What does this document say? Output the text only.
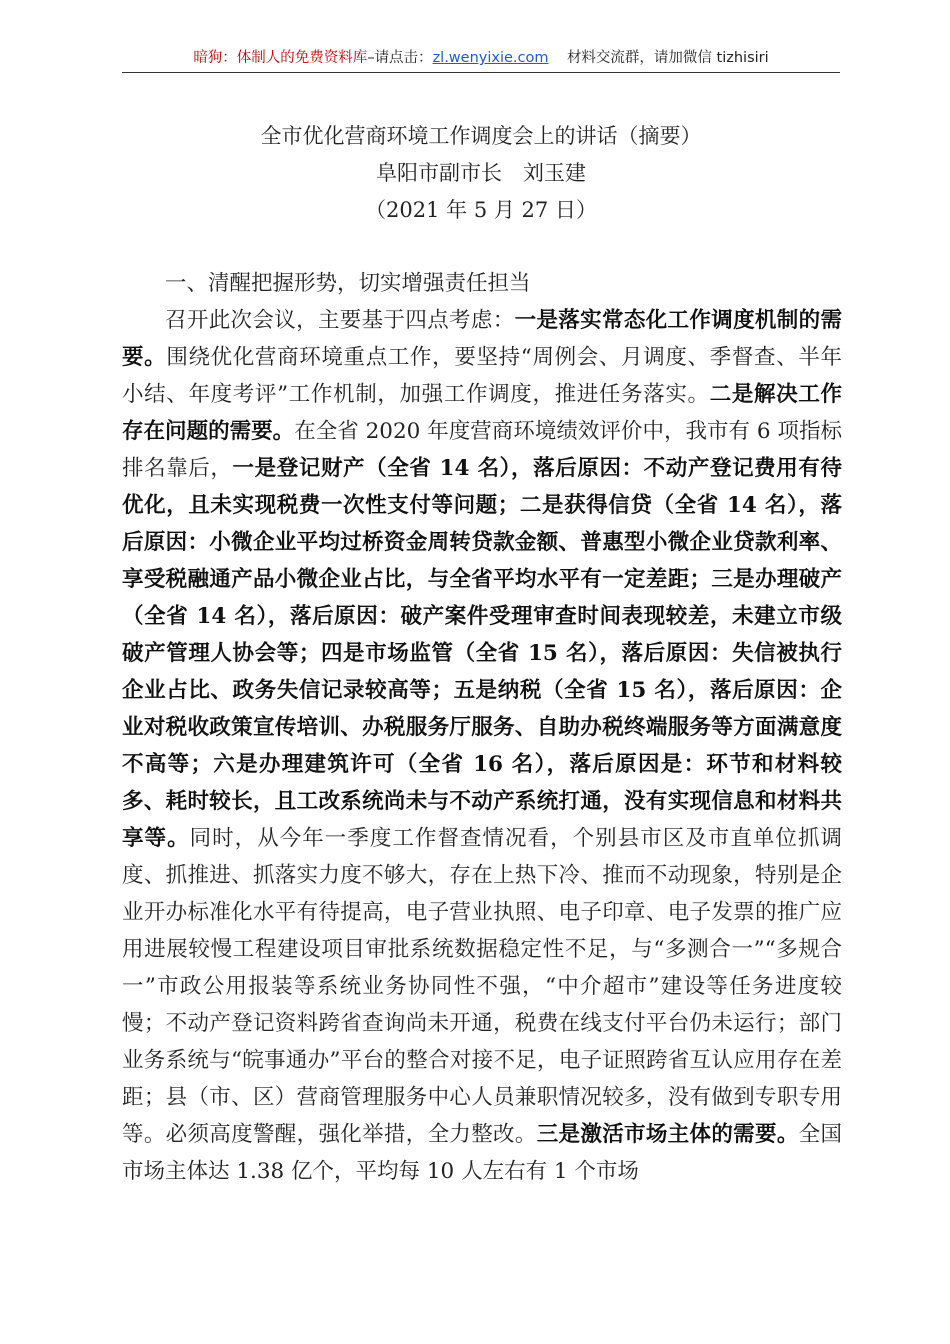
暗狗：体制人的免费资料库–请点击：zl.wenyixie.com 材料交流群，请加微信 tizhisiri
全市优化营商环境工作调度会上的讲话（摘要）
阜阳市副市长　刘玉建
（2021 年 5 月 27 日）

一、清醒把握形势，切实增强责任担当

召开此次会议，主要基于四点考虑：一是落实常态化工作调度机制的需要。围绕优化营商环境重点工作，要坚持“周例会、月调度、季督查、半年小结、年度考评”工作机制，加强工作调度，推进任务落实。二是解决工作存在问题的需要。在全省 2020 年度营商环境绩效评价中，我市有 6 项指标排名靠后，一是登记财产（全省 14 名），落后原因：不动产登记费用有待优化，且未实现税费一次性支付等问题；二是获得信贷（全省 14 名），落后原因：小微企业平均过桥资金周转贷款金额、普惠型小微企业贷款利率、享受税融通产品小微企业占比，与全省平均水平有一定差距；三是办理破产（全省 14 名），落后原因：破产案件受理审查时间表现较差，未建立市级破产管理人协会等；四是市场监管（全省 15 名），落后原因：失信被执行企业占比、政务失信记录较高等；五是纳税（全省 15 名），落后原因：企业对税收政策宣传培训、办税服务厅服务、自助办税终端服务等方面满意度不高等；六是办理建筑许可（全省 16 名），落后原因是：环节和材料较多、耗时较长，且工改系统尚未与不动产系统打通，没有实现信息和材料共享等。同时，从今年一季度工作督查情况看，个别县市区及市直单位抓调度、抓推进、抓落实力度不够大，存在上热下冷、推而不动现象，特别是企业开办标准化水平有待提高，电子营业执照、电子印章、电子发票的推广应用进展较慢工程建设项目审批系统数据稳定性不足，与“多测合一”“多规合一”市政公用报装等系统业务协同性不强，“中介超市”建设等任务进度较慢；不动产登记资料跨省查询尚未开通，税费在线支付平台仍未运行；部门业务系统与“皖事通办”平台的整合对接不足，电子证照跨省互认应用存在差距；县（市、区）营商管理服务中心人员兼职情况较多，没有做到专职专用等。必须高度警醒，强化举措，全力整改。三是激活市场主体的需要。全国市场主体达 1.38 亿个，平均每 10 人左右有 1 个市场
